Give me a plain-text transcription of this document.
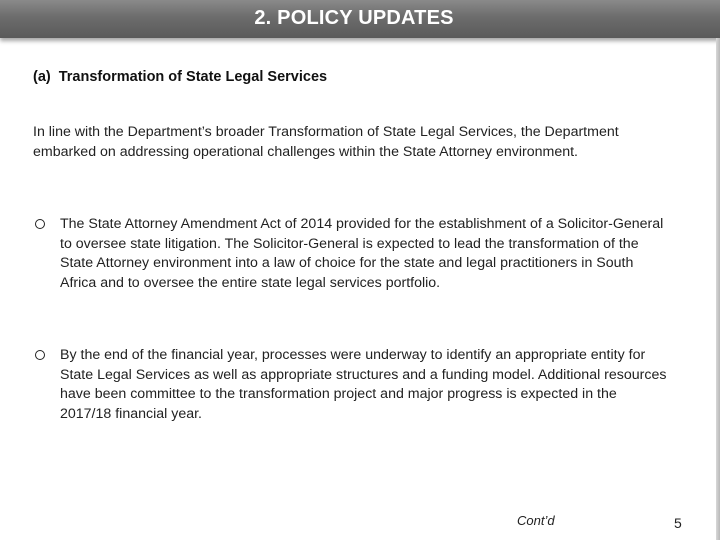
2. POLICY UPDATES
(a) Transformation of State Legal Services
In line with the Department’s broader Transformation of State Legal Services, the Department embarked on addressing operational challenges within the State Attorney environment.
The State Attorney Amendment Act of 2014 provided for the establishment of a Solicitor-General to oversee state litigation. The Solicitor-General is expected to lead the transformation of the State Attorney environment into a law of choice for the state and legal practitioners in South Africa and to oversee the entire state legal services portfolio.
By the end of the financial year, processes were underway to identify an appropriate entity for State Legal Services as well as appropriate structures and a funding model. Additional resources have been committee to the transformation project and major progress is expected in the 2017/18 financial year.
Cont’d	5
